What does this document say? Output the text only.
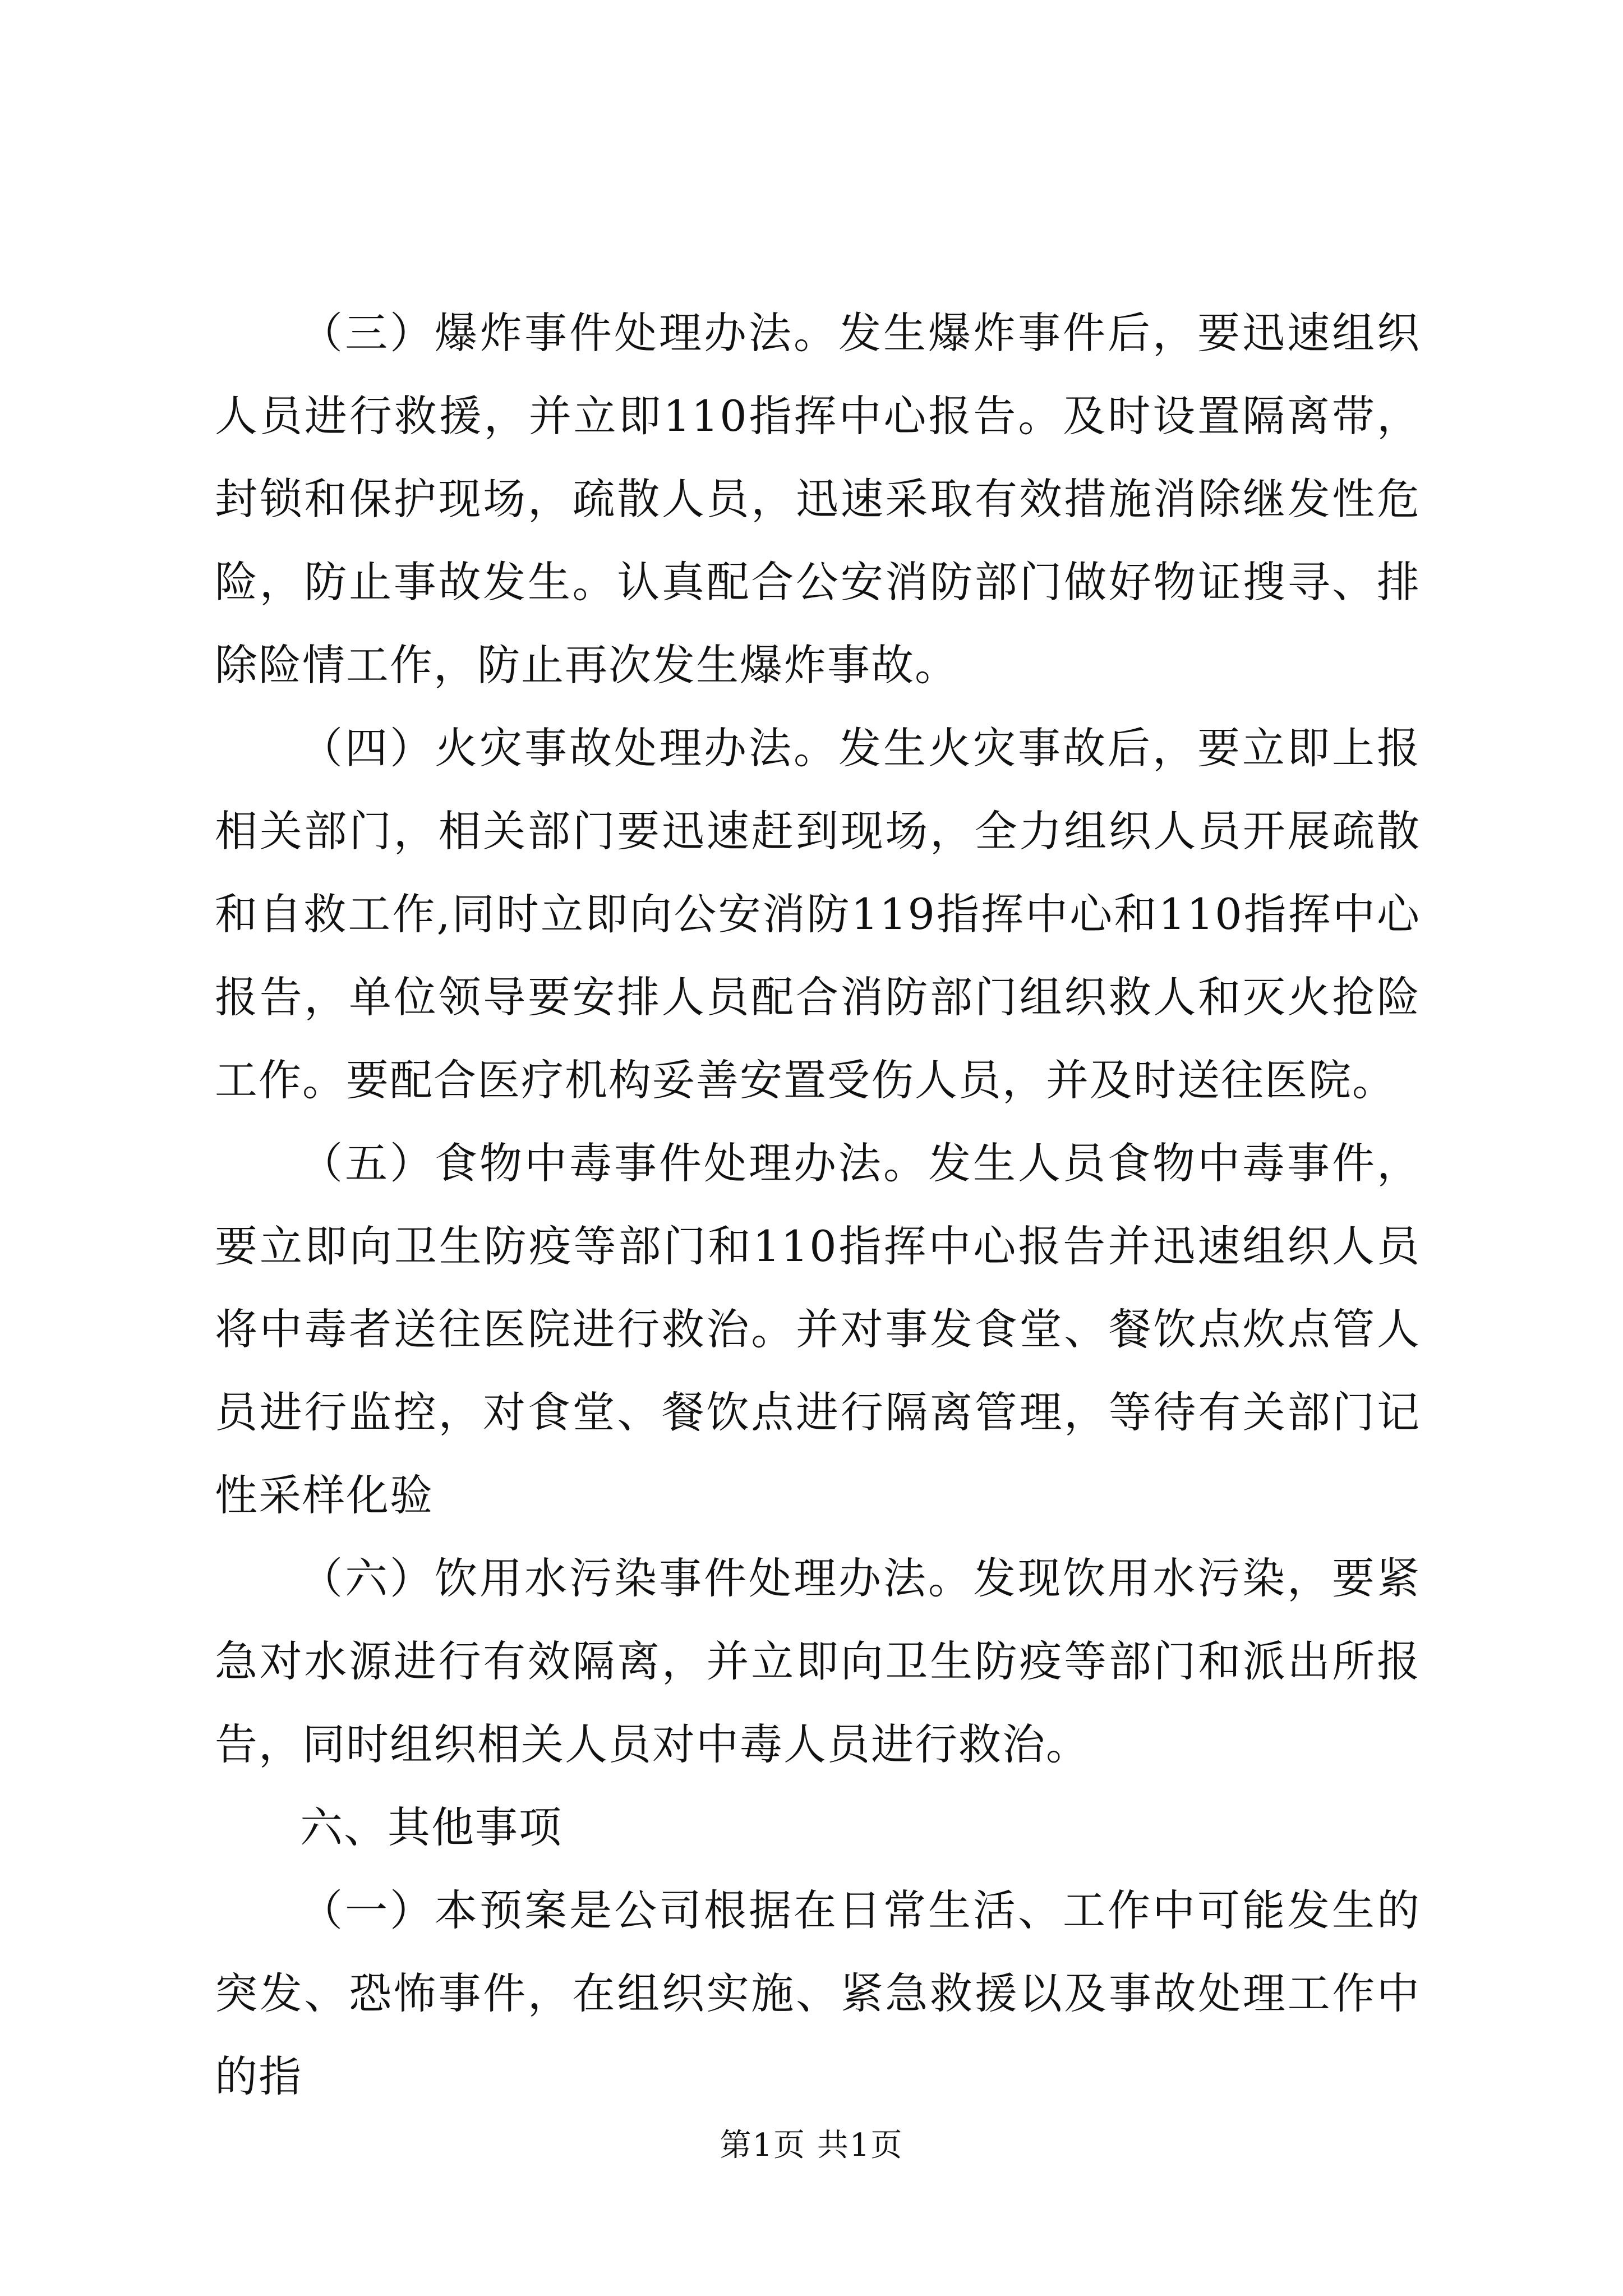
（三）爆炸事件处理办法。发生爆炸事件后，要迅速组织人员进行救援，并立即110指挥中心报告。及时设置隔离带，封锁和保护现场，疏散人员，迅速采取有效措施消除继发性危险，防止事故发生。认真配合公安消防部门做好物证搜寻、排除险情工作，防止再次发生爆炸事故。

（四）火灾事故处理办法。发生火灾事故后，要立即上报相关部门，相关部门要迅速赶到现场，全力组织人员开展疏散和自救工作,同时立即向公安消防119指挥中心和110指挥中心报告，单位领导要安排人员配合消防部门组织救人和灭火抢险工作。要配合医疗机构妥善安置受伤人员，并及时送往医院。

（五）食物中毒事件处理办法。发生人员食物中毒事件，要立即向卫生防疫等部门和110指挥中心报告并迅速组织人员将中毒者送往医院进行救治。并对事发食堂、餐饮点炊点管人员进行监控，对食堂、餐饮点进行隔离管理，等待有关部门记性采样化验

（六）饮用水污染事件处理办法。发现饮用水污染，要紧急对水源进行有效隔离，并立即向卫生防疫等部门和派出所报告，同时组织相关人员对中毒人员进行救治。

六、其他事项

（一）本预案是公司根据在日常生活、工作中可能发生的突发、恐怖事件，在组织实施、紧急救援以及事故处理工作中的指

第1页 共1页
